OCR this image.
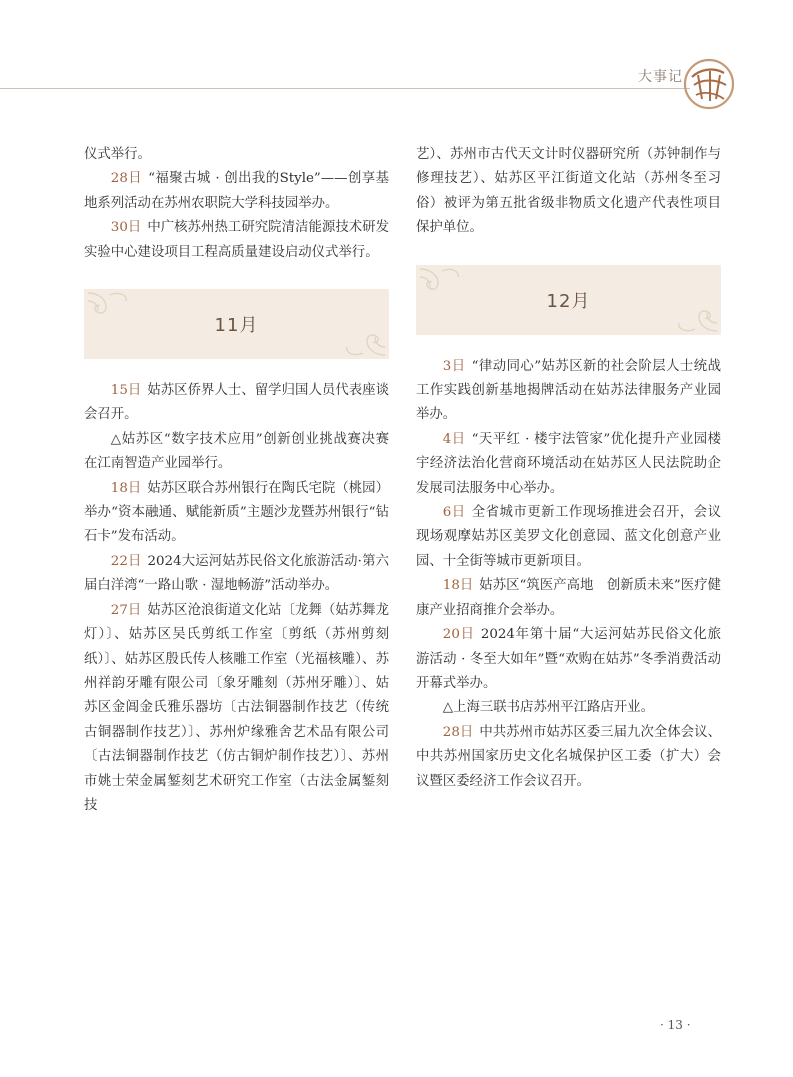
大事记

仪式举行。

28日 “福聚古城 · 创出我的Style”——创享基地系列活动在苏州农职院大学科技园举办。

30日 中广核苏州热工研究院清洁能源技术研发实验中心建设项目工程高质量建设启动仪式举行。

11月

15日 姑苏区侨界人士、留学归国人员代表座谈会召开。

△姑苏区“数字技术应用”创新创业挑战赛决赛在江南智造产业园举行。

18日 姑苏区联合苏州银行在陶氏宅院（桃园）举办“资本融通、赋能新质”主题沙龙暨苏州银行“钻石卡”发布活动。

22日 2024大运河姑苏民俗文化旅游活动·第六届白洋湾“一路山歌 · 湿地畅游”活动举办。

27日 姑苏区沧浪街道文化站〔龙舞（姑苏舞龙灯）〕、姑苏区吴氏剪纸工作室〔剪纸（苏州剪刻纸）〕、姑苏区殷氏传人核雕工作室（光福核雕）、苏州祥韵牙雕有限公司〔象牙雕刻（苏州牙雕）〕、姑苏区金阊金氏雅乐器坊〔古法铜器制作技艺（传统古铜器制作技艺）〕、苏州炉缘雅舍艺术品有限公司〔古法铜器制作技艺（仿古铜炉制作技艺）〕、苏州市姚士荣金属錾刻艺术研究工作室（古法金属錾刻技

艺）、苏州市古代天文计时仪器研究所（苏钟制作与修理技艺）、姑苏区平江街道文化站（苏州冬至习俗）被评为第五批省级非物质文化遗产代表性项目保护单位。

12月

3日 “律动同心”姑苏区新的社会阶层人士统战工作实践创新基地揭牌活动在姑苏法律服务产业园举办。

4日 “天平红 · 楼宇法管家”优化提升产业园楼宇经济法治化营商环境活动在姑苏区人民法院助企发展司法服务中心举办。

6日 全省城市更新工作现场推进会召开，会议现场观摩姑苏区美罗文化创意园、蓝文化创意产业园、十全街等城市更新项目。

18日 姑苏区“筑医产高地　创新质未来”医疗健康产业招商推介会举办。

20日 2024年第十届“大运河姑苏民俗文化旅游活动 · 冬至大如年”暨“欢购在姑苏”冬季消费活动开幕式举办。

△上海三联书店苏州平江路店开业。

28日 中共苏州市姑苏区委三届九次全体会议、中共苏州国家历史文化名城保护区工委（扩大）会议暨区委经济工作会议召开。

· 13 ·
